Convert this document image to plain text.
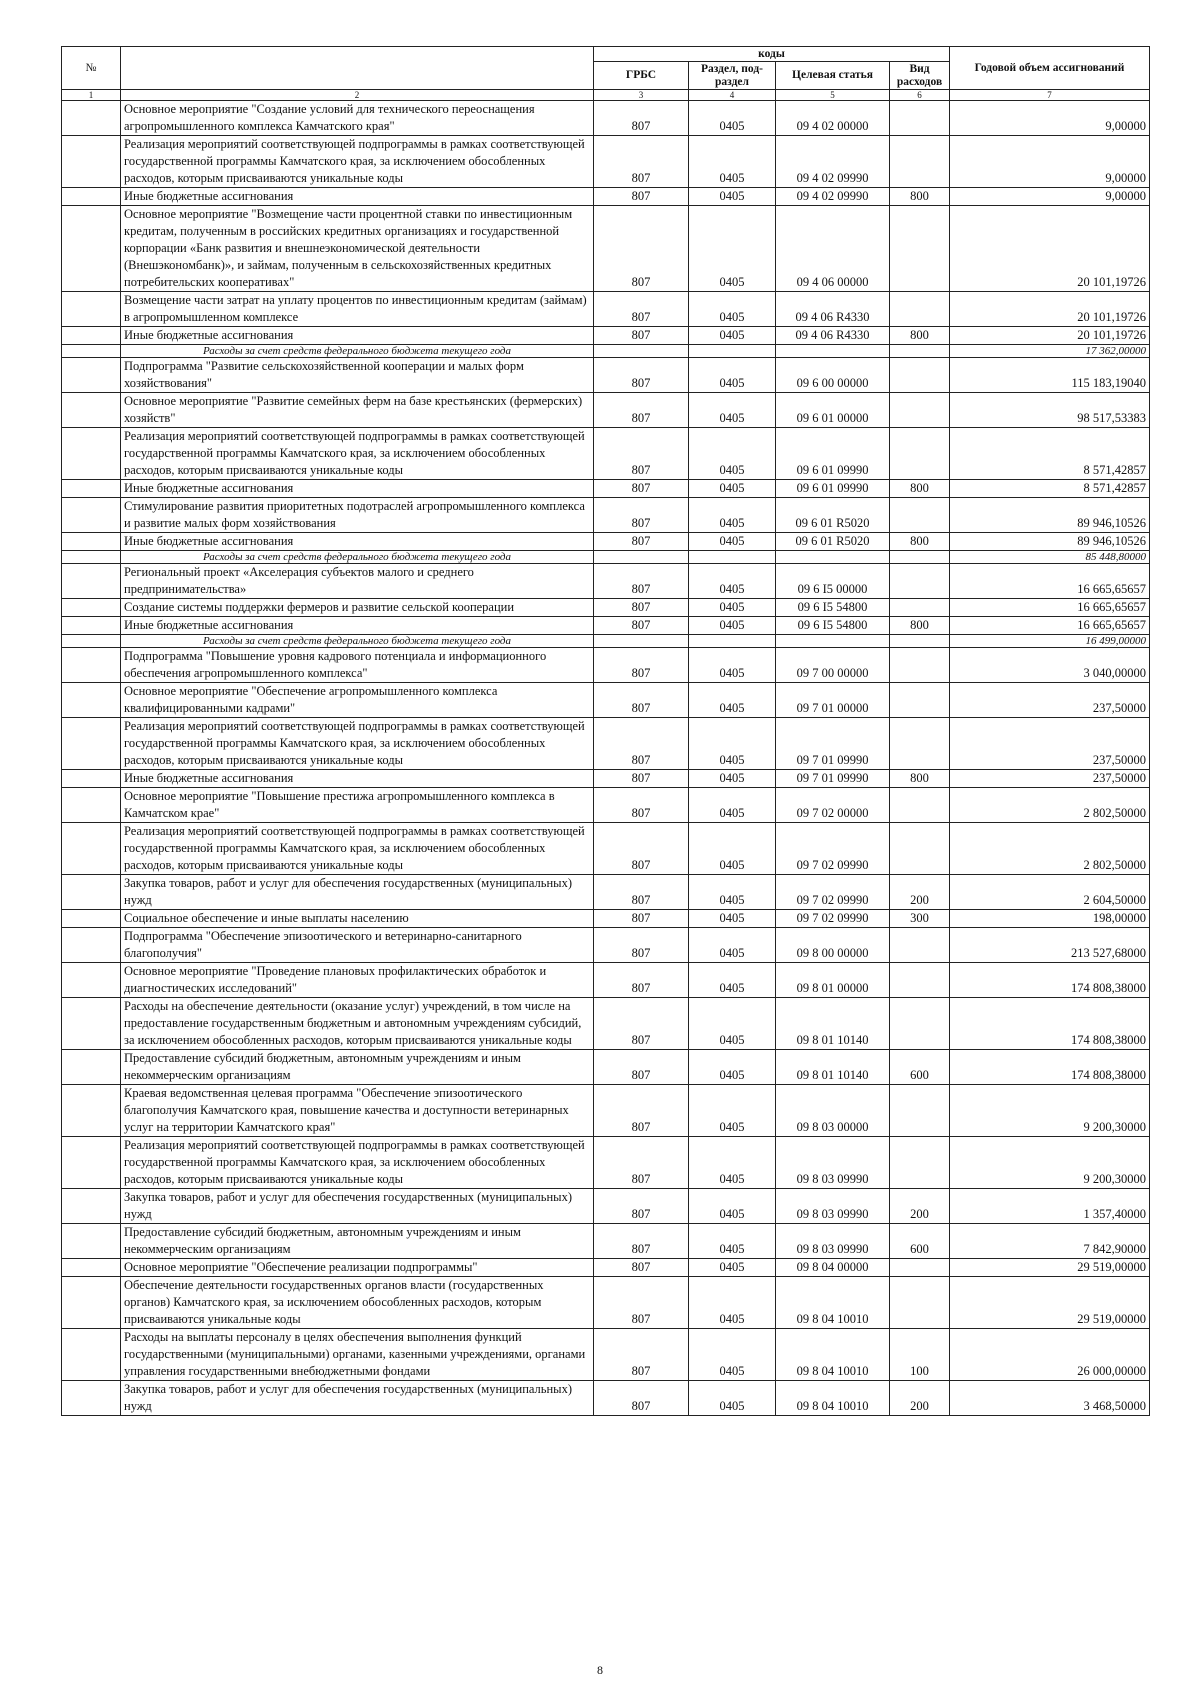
№		коды				Годовой объем ассигнований
		ГРБС	Раздел, под-раздел	Целевая статья	Вид расходов	
1	2	3	4	5	6	7
	Основное мероприятие "Создание условий для технического переоснащения агропромышленного комплекса Камчатского края"	807	0405	09 4 02 00000		9,00000
	Реализация мероприятий соответствующей подпрограммы в рамках соответствующей государственной программы Камчатского края, за исключением обособленных расходов, которым присваиваются уникальные коды	807	0405	09 4 02 09990		9,00000
	Иные бюджетные ассигнования	807	0405	09 4 02 09990	800	9,00000
	Основное мероприятие "Возмещение части процентной ставки по инвестиционным кредитам, полученным в российских кредитных организациях и государственной корпорации «Банк развития и внешнеэкономической деятельности (Внешэкономбанк)», и займам, полученным в сельскохозяйственных кредитных потребительских кооперативах"	807	0405	09 4 06 00000		20 101,19726
	Возмещение части затрат на уплату процентов по инвестиционным кредитам (займам) в агропромышленном комплексе	807	0405	09 4 06 R4330		20 101,19726
	Иные бюджетные ассигнования	807	0405	09 4 06 R4330	800	20 101,19726
	Расходы за счет средств федерального бюджета текущего года					17 362,00000
	Подпрограмма "Развитие сельскохозяйственной кооперации и малых форм хозяйствования"	807	0405	09 6 00 00000		115 183,19040
	Основное мероприятие "Развитие семейных ферм на базе крестьянских (фермерских) хозяйств"	807	0405	09 6 01 00000		98 517,53383
	Реализация мероприятий соответствующей подпрограммы в рамках соответствующей государственной программы Камчатского края, за исключением обособленных расходов, которым присваиваются уникальные коды	807	0405	09 6 01 09990		8 571,42857
	Иные бюджетные ассигнования	807	0405	09 6 01 09990	800	8 571,42857
	Стимулирование развития приоритетных подотраслей агропромышленного комплекса и развитие малых форм хозяйствования	807	0405	09 6 01 R5020		89 946,10526
	Иные бюджетные ассигнования	807	0405	09 6 01 R5020	800	89 946,10526
	Расходы за счет средств федерального бюджета текущего года					85 448,80000
	Региональный проект «Акселерация субъектов малого и среднего предпринимательства»	807	0405	09 6 I5 00000		16 665,65657
	Создание системы поддержки фермеров и развитие сельской кооперации	807	0405	09 6 I5 54800		16 665,65657
	Иные бюджетные ассигнования	807	0405	09 6 I5 54800	800	16 665,65657
	Расходы за счет средств федерального бюджета текущего года					16 499,00000
	Подпрограмма "Повышение уровня кадрового потенциала и информационного обеспечения агропромышленного комплекса"	807	0405	09 7 00 00000		3 040,00000
	Основное мероприятие "Обеспечение агропромышленного комплекса квалифицированными кадрами"	807	0405	09 7 01 00000		237,50000
	Реализация мероприятий соответствующей подпрограммы в рамках соответствующей государственной программы Камчатского края, за исключением обособленных расходов, которым присваиваются уникальные коды	807	0405	09 7 01 09990		237,50000
	Иные бюджетные ассигнования	807	0405	09 7 01 09990	800	237,50000
	Основное мероприятие "Повышение престижа агропромышленного комплекса в Камчатском крае"	807	0405	09 7 02 00000		2 802,50000
	Реализация мероприятий соответствующей подпрограммы в рамках соответствующей государственной программы Камчатского края, за исключением обособленных расходов, которым присваиваются уникальные коды	807	0405	09 7 02 09990		2 802,50000
	Закупка товаров, работ и услуг для обеспечения государственных (муниципальных) нужд	807	0405	09 7 02 09990	200	2 604,50000
	Социальное обеспечение и иные выплаты населению	807	0405	09 7 02 09990	300	198,00000
	Подпрограмма "Обеспечение эпизоотического и ветеринарно-санитарного благополучия"	807	0405	09 8 00 00000		213 527,68000
	Основное мероприятие "Проведение плановых профилактических обработок и диагностических исследований"	807	0405	09 8 01 00000		174 808,38000
	Расходы на обеспечение деятельности (оказание услуг) учреждений, в том числе на предоставление государственным бюджетным и автономным учреждениям субсидий, за исключением обособленных расходов, которым присваиваются уникальные коды	807	0405	09 8 01 10140		174 808,38000
	Предоставление субсидий бюджетным, автономным учреждениям и иным некоммерческим организациям	807	0405	09 8 01 10140	600	174 808,38000
	Краевая ведомственная целевая программа "Обеспечение эпизоотического благополучия Камчатского края, повышение качества и доступности ветеринарных услуг на территории Камчатского края"	807	0405	09 8 03 00000		9 200,30000
	Реализация мероприятий соответствующей подпрограммы в рамках соответствующей государственной программы Камчатского края, за исключением обособленных расходов, которым присваиваются уникальные коды	807	0405	09 8 03 09990		9 200,30000
	Закупка товаров, работ и услуг для обеспечения государственных (муниципальных) нужд	807	0405	09 8 03 09990	200	1 357,40000
	Предоставление субсидий бюджетным, автономным учреждениям и иным некоммерческим организациям	807	0405	09 8 03 09990	600	7 842,90000
	Основное мероприятие "Обеспечение реализации подпрограммы"	807	0405	09 8 04 00000		29 519,00000
	Обеспечение деятельности государственных органов власти (государственных органов) Камчатского края, за исключением обособленных расходов, которым присваиваются уникальные коды	807	0405	09 8 04 10010		29 519,00000
	Расходы на выплаты персоналу в целях обеспечения выполнения функций государственными (муниципальными) органами, казенными учреждениями, органами управления государственными внебюджетными фондами	807	0405	09 8 04 10010	100	26 000,00000
	Закупка товаров, работ и услуг для обеспечения государственных (муниципальных) нужд	807	0405	09 8 04 10010	200	3 468,50000
8
